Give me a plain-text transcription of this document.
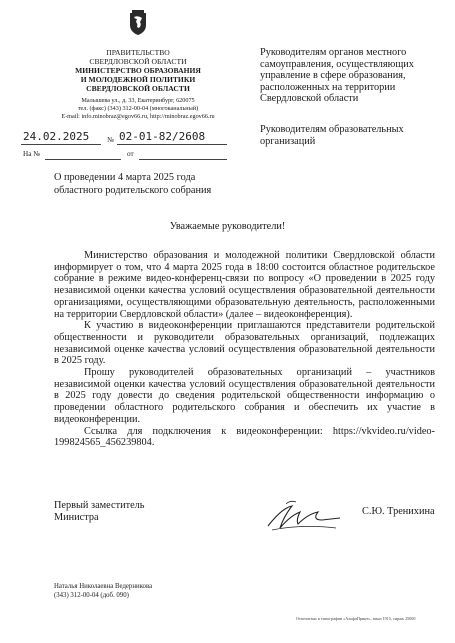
ПРАВИТЕЛЬСТВО
СВЕРДЛОВСКОЙ ОБЛАСТИ
МИНИСТЕРСТВО ОБРАЗОВАНИЯ
И МОЛОДЕЖНОЙ ПОЛИТИКИ
СВЕРДЛОВСКОЙ ОБЛАСТИ
Малышева ул., д. 33, Екатеринбург, 620075
тел. (факс) (343) 312-00-04 (многоканальный)
E-mail: info.minobraz@egov66.ru, http://minobraz.egov66.ru
24.02.2025 № 02-01-82/2608
На №	от
Руководителям органов местного
самоуправления, осуществляющих
управление в сфере образования,
расположенных на территории
Свердловской области
Руководителям образовательных
организаций
О проведении 4 марта 2025 года
областного родительского собрания
Уважаемые руководители!

Министерство образования и молодежной политики Свердловской области информирует о том, что 4 марта 2025 года в 18:00 состоится областное родительское собрание в режиме видео-конференц-связи по вопросу «О проведении в 2025 году независимой оценки качества условий осуществления образовательной деятельности организациями, осуществляющими образовательную деятельность, расположенными на территории Свердловской области» (далее – видеоконференция).

К участию в видеоконференции приглашаются представители родительской общественности и руководители образовательных организаций, подлежащих независимой оценке качества условий осуществления образовательной деятельности в 2025 году.

Прошу руководителей образовательных организаций – участников независимой оценки качества условий осуществления образовательной деятельности в 2025 году довести до сведения родительской общественности информацию о проведении областного родительского собрания и обеспечить их участие в видеоконференции.

Ссылка для подключения к видеоконференции: https://vkvideo.ru/video-199824565_456239804.

Первый заместитель
Министра
С.Ю. Тренихина
Наталья Николаевна Ведерникова
(343) 312-00-04 (доб. 090)
Отпечатано в типографии «АльфаПринт», заказ 1915, тираж 25000
